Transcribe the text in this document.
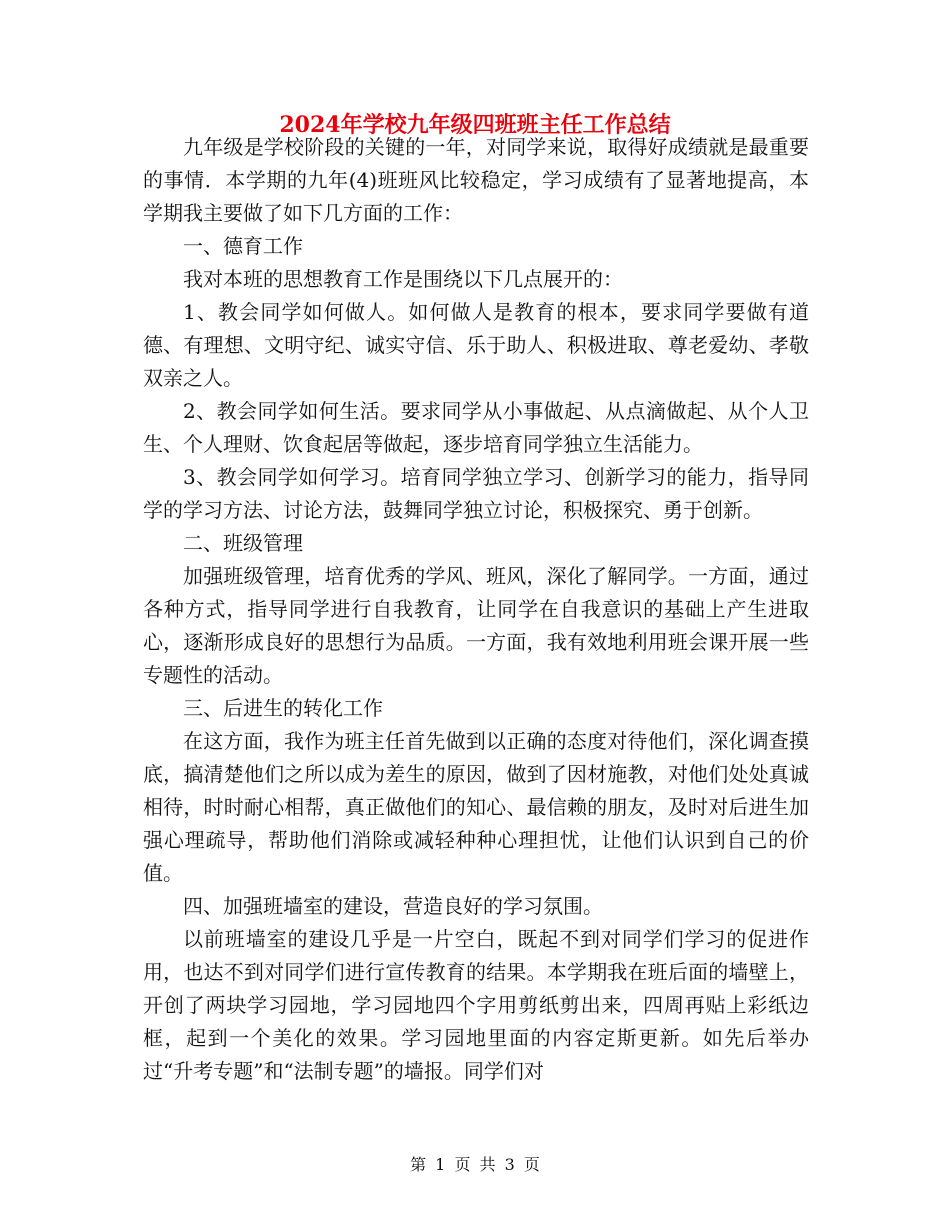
2024年学校九年级四班班主任工作总结

九年级是学校阶段的关键的一年，对同学来说，取得好成绩就是最重要的事情．本学期的九年(4)班班风比较稳定，学习成绩有了显著地提高，本学期我主要做了如下几方面的工作：

一、德育工作

我对本班的思想教育工作是围绕以下几点展开的：

1、教会同学如何做人。如何做人是教育的根本，要求同学要做有道德、有理想、文明守纪、诚实守信、乐于助人、积极进取、尊老爱幼、孝敬双亲之人。

2、教会同学如何生活。要求同学从小事做起、从点滴做起、从个人卫生、个人理财、饮食起居等做起，逐步培育同学独立生活能力。

3、教会同学如何学习。培育同学独立学习、创新学习的能力，指导同学的学习方法、讨论方法，鼓舞同学独立讨论，积极探究、勇于创新。

二、班级管理

加强班级管理，培育优秀的学风、班风，深化了解同学。一方面，通过各种方式，指导同学进行自我教育，让同学在自我意识的基础上产生进取心，逐渐形成良好的思想行为品质。一方面，我有效地利用班会课开展一些专题性的活动。

三、后进生的转化工作

在这方面，我作为班主任首先做到以正确的态度对待他们，深化调查摸底，搞清楚他们之所以成为差生的原因，做到了因材施教，对他们处处真诚相待，时时耐心相帮，真正做他们的知心、最信赖的朋友，及时对后进生加强心理疏导，帮助他们消除或减轻种种心理担忧，让他们认识到自己的价值。

四、加强班墙室的建设，营造良好的学习氛围。

以前班墙室的建设几乎是一片空白，既起不到对同学们学习的促进作用，也达不到对同学们进行宣传教育的结果。本学期我在班后面的墙壁上，开创了两块学习园地，学习园地四个字用剪纸剪出来，四周再贴上彩纸边框，起到一个美化的效果。学习园地里面的内容定斯更新。如先后举办过“升考专题”和“法制专题”的墙报。同学们对

第 1 页 共 3 页
